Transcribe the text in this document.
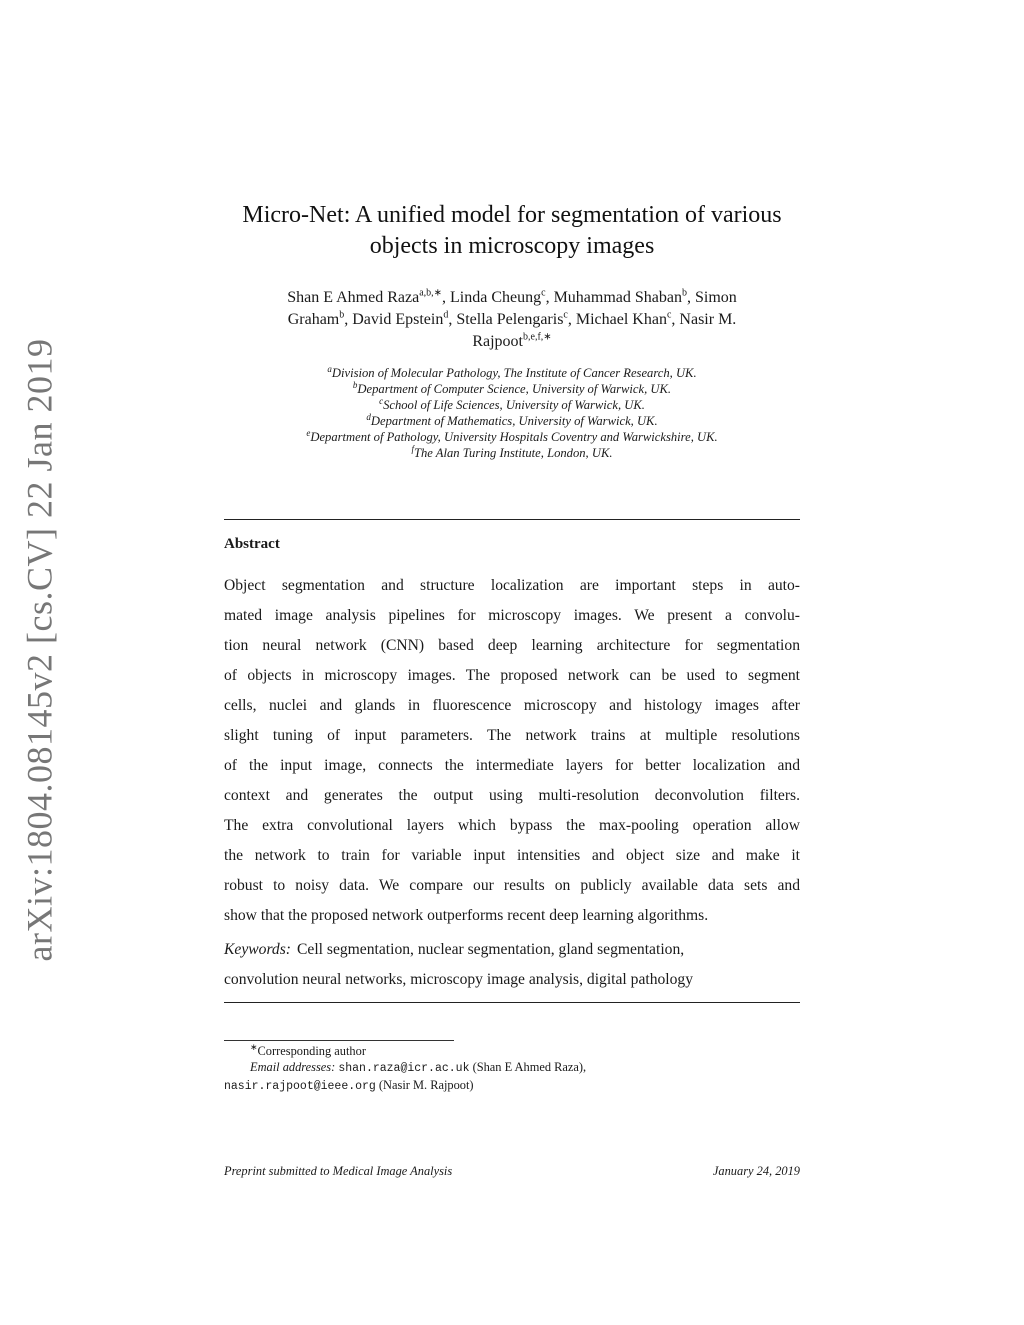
arXiv:1804.08145v2 [cs.CV] 22 Jan 2019
Micro-Net: A unified model for segmentation of various
objects in microscopy images
Shan E Ahmed Raza$^{a,b,∗}$, Linda Cheung$^c$, Muhammad Shaban$^b$, Simon
Graham$^b$, David Epstein$^d$, Stella Pelengaris$^c$, Michael Khan$^c$, Nasir M.
Rajpoot$^{b,e,f,∗}$
$^a$Division of Molecular Pathology, The Institute of Cancer Research, UK.
$^b$Department of Computer Science, University of Warwick, UK.
$^c$School of Life Sciences, University of Warwick, UK.
$^d$Department of Mathematics, University of Warwick, UK.
$^e$Department of Pathology, University Hospitals Coventry and Warwickshire, UK.
$^f$The Alan Turing Institute, London, UK.
Abstract
Object segmentation and structure localization are important steps in auto-
mated image analysis pipelines for microscopy images. We present a convolu-
tion neural network (CNN) based deep learning architecture for segmentation
of objects in microscopy images. The proposed network can be used to segment
cells, nuclei and glands in fluorescence microscopy and histology images after
slight tuning of input parameters. The network trains at multiple resolutions
of the input image, connects the intermediate layers for better localization and
context and generates the output using multi-resolution deconvolution filters.
The extra convolutional layers which bypass the max-pooling operation allow
the network to train for variable input intensities and object size and make it
robust to noisy data. We compare our results on publicly available data sets and
show that the proposed network outperforms recent deep learning algorithms.
Keywords: Cell segmentation, nuclear segmentation, gland segmentation,
convolution neural networks, microscopy image analysis, digital pathology
∗Corresponding author
Email addresses: shan.raza@icr.ac.uk (Shan E Ahmed Raza),
nasir.rajpoot@ieee.org (Nasir M. Rajpoot)
Preprint submitted to Medical Image Analysis	January 24, 2019
